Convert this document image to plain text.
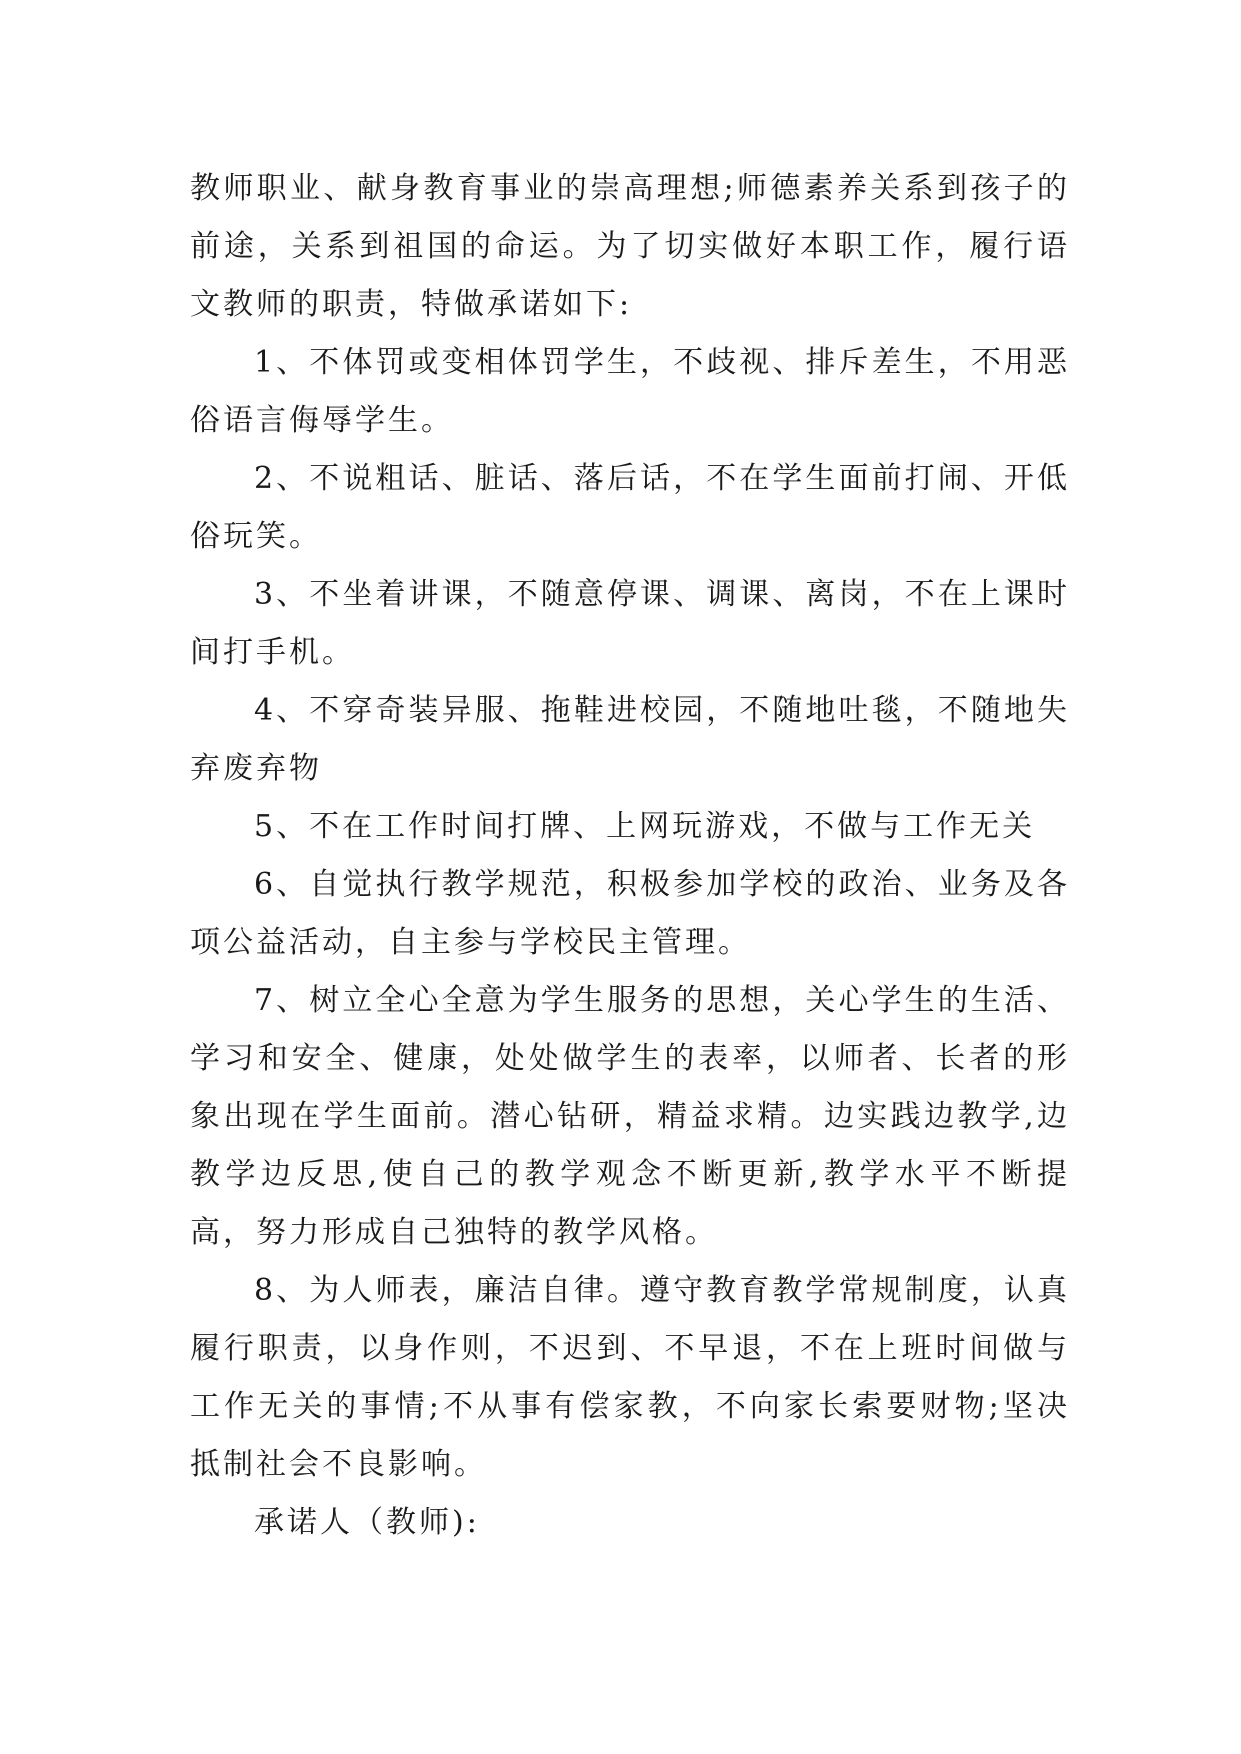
教师职业、献身教育事业的崇高理想;师德素养关系到孩子的前途，关系到祖国的命运。为了切实做好本职工作，履行语文教师的职责，特做承诺如下:

1、不体罚或变相体罚学生，不歧视、排斥差生，不用恶俗语言侮辱学生。

2、不说粗话、脏话、落后话，不在学生面前打闹、开低俗玩笑。

3、不坐着讲课，不随意停课、调课、离岗，不在上课时间打手机。

4、不穿奇装异服、拖鞋进校园，不随地吐毯，不随地失弃废弃物

5、不在工作时间打牌、上网玩游戏，不做与工作无关

6、自觉执行教学规范，积极参加学校的政治、业务及各项公益活动，自主参与学校民主管理。

7、树立全心全意为学生服务的思想，关心学生的生活、学习和安全、健康，处处做学生的表率，以师者、长者的形象出现在学生面前。潜心钻研，精益求精。边实践边教学,边教学边反思,使自己的教学观念不断更新,教学水平不断提高，努力形成自己独特的教学风格。

8、为人师表，廉洁自律。遵守教育教学常规制度，认真履行职责，以身作则，不迟到、不早退，不在上班时间做与工作无关的事情;不从事有偿家教，不向家长索要财物;坚决抵制社会不良影响。

承诺人（教师):
